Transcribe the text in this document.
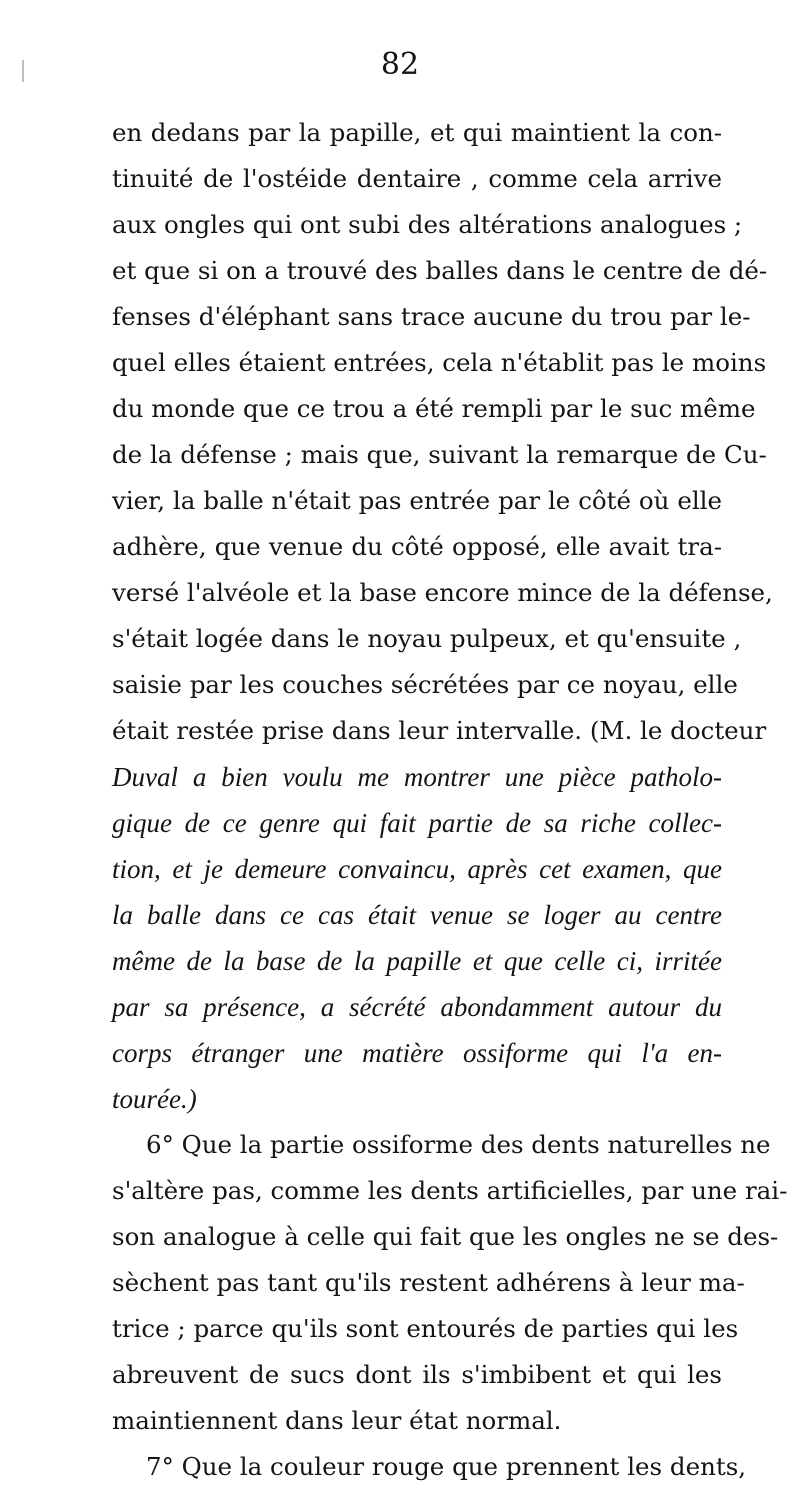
82
en dedans par la papille, et qui maintient la con-
tinuité de l'ostéide dentaire , comme cela arrive
aux ongles qui ont subi des altérations analogues ;
et que si on a trouvé des balles dans le centre de dé-
fenses d'éléphant sans trace aucune du trou par le-
quel elles étaient entrées, cela n'établit pas le moins
du monde que ce trou a été rempli par le suc même
de la défense ; mais que, suivant la remarque de Cu-
vier, la balle n'était pas entrée par le côté où elle
adhère, que venue du côté opposé, elle avait tra-
versé l'alvéole et la base encore mince de la défense,
s'était logée dans le noyau pulpeux, et qu'ensuite ,
saisie par les couches sécrétées par ce noyau, elle
était restée prise dans leur intervalle. (M. le docteur
Duval a bien voulu me montrer une pièce patholo-
gique de ce genre qui fait partie de sa riche collec-
tion, et je demeure convaincu, après cet examen, que
la balle dans ce cas était venue se loger au centre
même de la base de la papille et que celle ci, irritée
par sa présence, a sécrété abondamment autour du
corps étranger une matière ossiforme qui l'a en-
tourée.)
6° Que la partie ossiforme des dents naturelles ne
s'altère pas, comme les dents artificielles, par une rai-
son analogue à celle qui fait que les ongles ne se des-
sèchent pas tant qu'ils restent adhérens à leur ma-
trice ; parce qu'ils sont entourés de parties qui les
abreuvent de sucs dont ils s'imbibent et qui les
maintiennent dans leur état normal.
7° Que la couleur rouge que prennent les dents,
